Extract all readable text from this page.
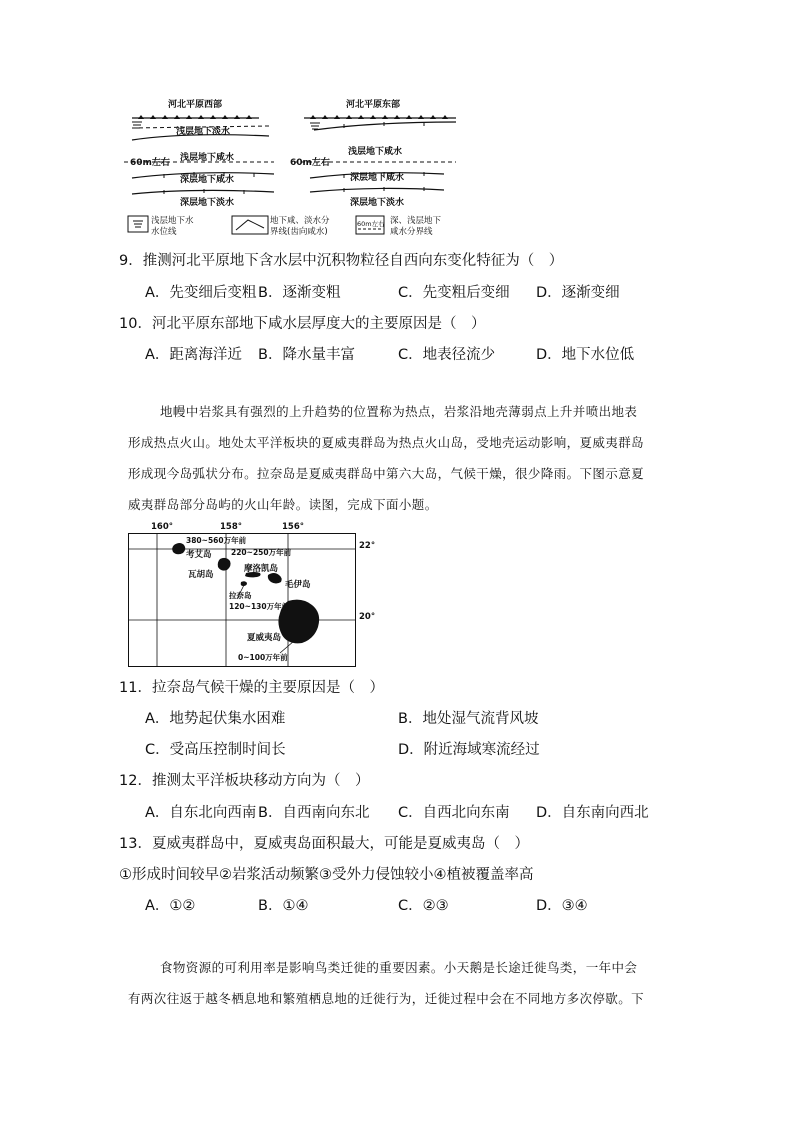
河北平原西部	河北平原东部
浅层地下淡水
60m左右 浅层地下咸水
深层地下咸水
深层地下淡水
60m左右
浅层地下咸水
深层地下咸水
深层地下淡水
浅层地下水
水位线
地下咸、淡水分
界线(齿向咸水)
60m左右 深、浅层地下
咸水分界线
9．推测河北平原地下含水层中沉积物粒径自西向东变化特征为（　）
A．先变细后变粗 B．逐渐变粗	C．先变粗后变细 D．逐渐变细
10．河北平原东部地下咸水层厚度大的主要原因是（　）
A．距离海洋近 B．降水量丰富	C．地表径流少	D．地下水位低
地幔中岩浆具有强烈的上升趋势的位置称为热点，岩浆沿地壳薄弱点上升并喷出地表
形成热点火山。地处太平洋板块的夏威夷群岛为热点火山岛，受地壳运动影响，夏威夷群岛
形成现今岛弧状分布。拉奈岛是夏威夷群岛中第六大岛，气候干燥，很少降雨。下图示意夏
威夷群岛部分岛屿的火山年龄。读图，完成下面小题。
160°	158°	156°
22°
20°
380~560万年前
考艾岛	220~250万年前
瓦胡岛
摩洛凯岛
毛伊岛
拉奈岛
120~130万年前
夏威夷岛
0~100万年前
11．拉奈岛气候干燥的主要原因是（　）
A．地势起伏集水困难	B．地处湿气流背风坡
C．受高压控制时间长	D．附近海域寒流经过
12．推测太平洋板块移动方向为（　）
A．自东北向西南 B．自西南向东北 C．自西北向东南 D．自东南向西北
13．夏威夷群岛中，夏威夷岛面积最大，可能是夏威夷岛（　）
①形成时间较早②岩浆活动频繁③受外力侵蚀较小④植被覆盖率高
A．①②	B．①④	C．②③	D．③④
食物资源的可利用率是影响鸟类迁徙的重要因素。小天鹅是长途迁徙鸟类，一年中会
有两次往返于越冬栖息地和繁殖栖息地的迁徙行为，迁徙过程中会在不同地方多次停歇。下
